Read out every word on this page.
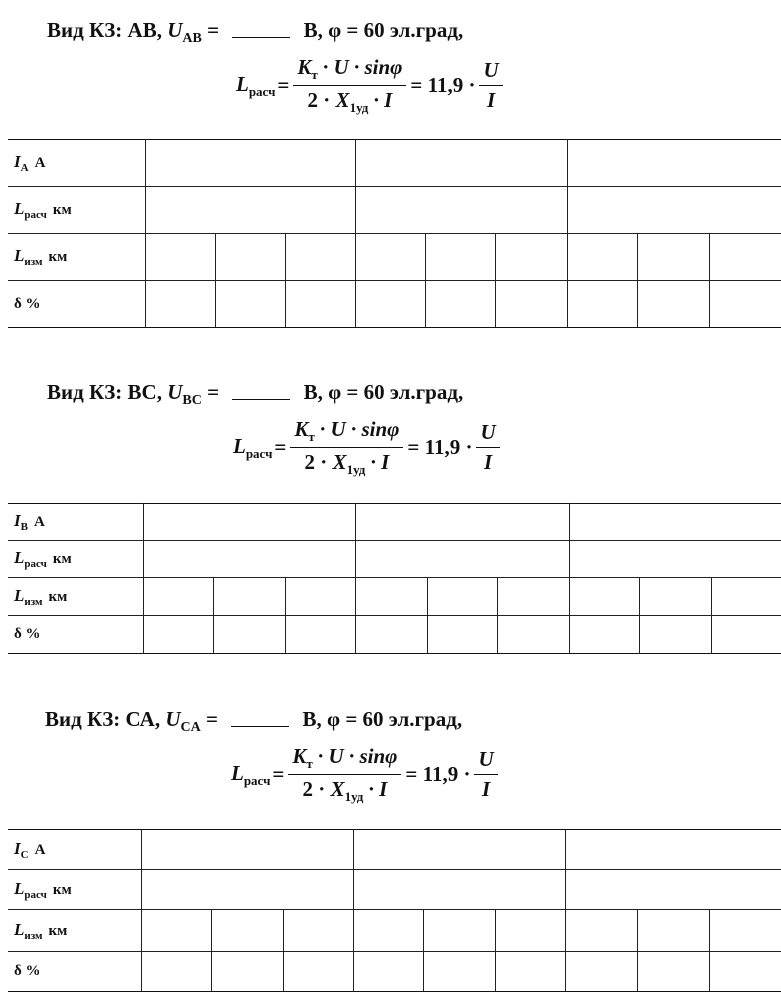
Вид КЗ: АВ, $U_{AB}$ =	В, φ = 60 эл.град,
$L_{расч} = \frac{K_т \cdot U \cdot \sin\varphi}{2 \cdot X_{1уд} \cdot I} = 11,9 \cdot \frac{U}{I}$
$I_A$ А									
$L_{расч}$ км									
$L_{изм}$ км									
δ %									
Вид КЗ: ВС, $U_{BC}$ =	В, φ = 60 эл.град,
$L_{расч} = \frac{K_т \cdot U \cdot \sin\varphi}{2 \cdot X_{1уд} \cdot I} = 11,9 \cdot \frac{U}{I}$
$I_B$ А									
$L_{расч}$ км									
$L_{изм}$ км									
δ %									
Вид КЗ: СА, $U_{CA}$ =	В, φ = 60 эл.град,
$L_{расч} = \frac{K_т \cdot U \cdot \sin\varphi}{2 \cdot X_{1уд} \cdot I} = 11,9 \cdot \frac{U}{I}$
$I_C$ А									
$L_{расч}$ км									
$L_{изм}$ км									
δ %									
